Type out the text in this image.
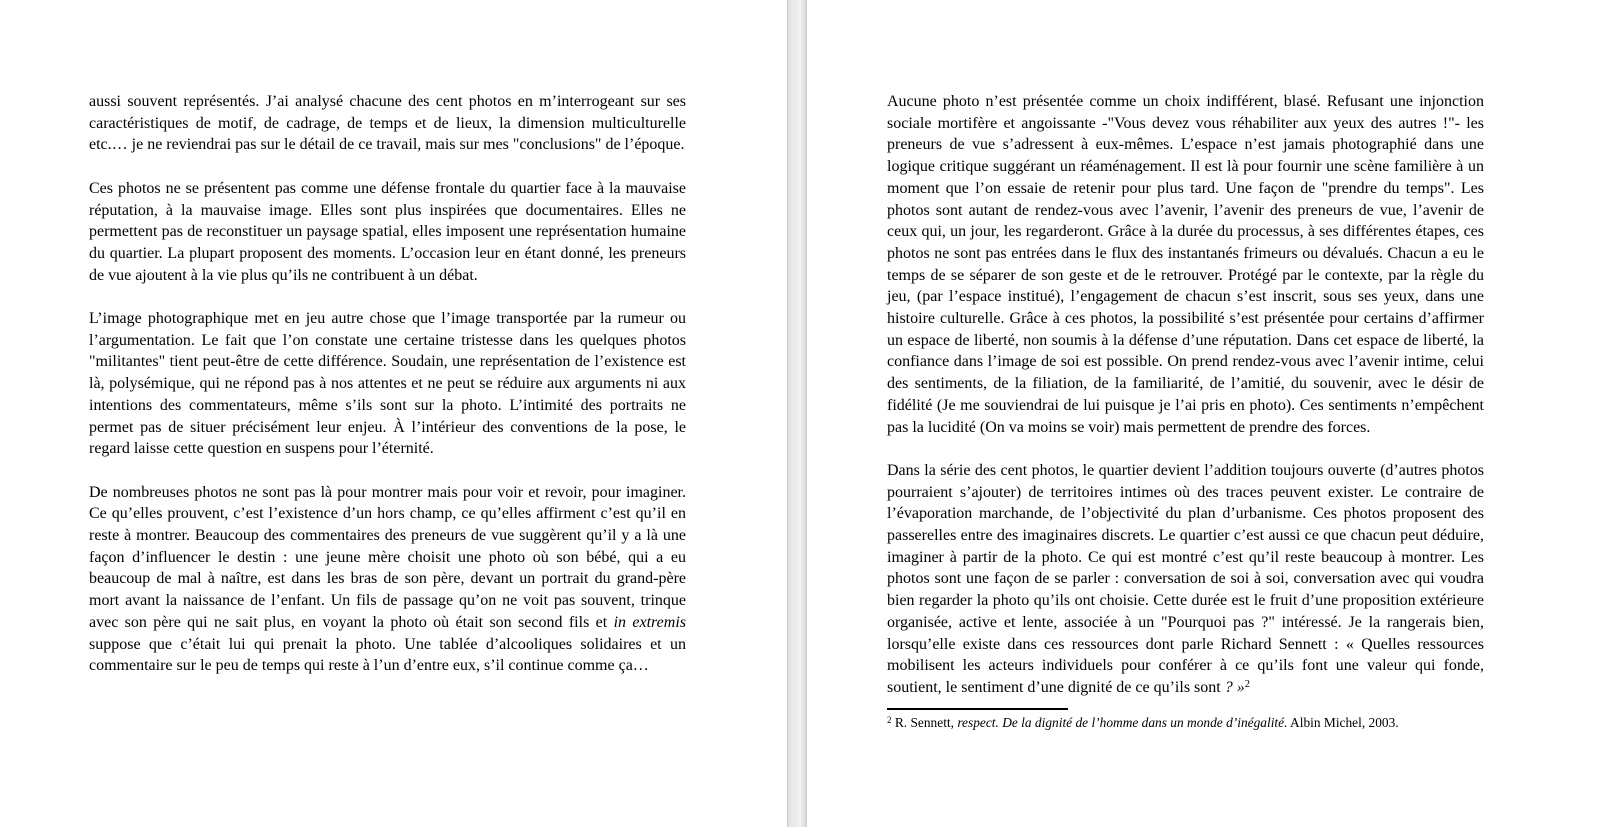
aussi souvent représentés. J’ai analysé chacune des cent photos en m’interrogeant sur ses caractéristiques de motif, de cadrage, de temps et de lieux, la dimension multiculturelle etc.… je ne reviendrai pas sur le détail de ce travail, mais sur mes "conclusions" de l’époque.

Ces photos ne se présentent pas comme une défense frontale du quartier face à la mauvaise réputation, à la mauvaise image. Elles sont plus inspirées que documentaires. Elles ne permettent pas de reconstituer un paysage spatial, elles imposent une représentation humaine du quartier. La plupart proposent des moments. L’occasion leur en étant donné, les preneurs de vue ajoutent à la vie plus qu’ils ne contribuent à un débat.

L’image photographique met en jeu autre chose que l’image transportée par la rumeur ou l’argumentation. Le fait que l’on constate une certaine tristesse dans les quelques photos "militantes" tient peut-être de cette différence. Soudain, une représentation de l’existence est là, polysémique, qui ne répond pas à nos attentes et ne peut se réduire aux arguments ni aux intentions des commentateurs, même s’ils sont sur la photo. L’intimité des portraits ne permet pas de situer précisément leur enjeu. À l’intérieur des conventions de la pose, le regard laisse cette question en suspens pour l’éternité.

De nombreuses photos ne sont pas là pour montrer mais pour voir et revoir, pour imaginer. Ce qu’elles prouvent, c’est l’existence d’un hors champ, ce qu’elles affirment c’est qu’il en reste à montrer. Beaucoup des commentaires des preneurs de vue suggèrent qu’il y a là une façon d’influencer le destin : une jeune mère choisit une photo où son bébé, qui a eu beaucoup de mal à naître, est dans les bras de son père, devant un portrait du grand-père mort avant la naissance de l’enfant. Un fils de passage qu’on ne voit pas souvent, trinque avec son père qui ne sait plus, en voyant la photo où était son second fils et in extremis suppose que c’était lui qui prenait la photo. Une tablée d’alcooliques solidaires et un commentaire sur le peu de temps qui reste à l’un d’entre eux, s’il continue comme ça…

Aucune photo n’est présentée comme un choix indifférent, blasé. Refusant une injonction sociale mortifère et angoissante -"Vous devez vous réhabiliter aux yeux des autres !"- les preneurs de vue s’adressent à eux-mêmes. L’espace n’est jamais photographié dans une logique critique suggérant un réaménagement. Il est là pour fournir une scène familière à un moment que l’on essaie de retenir pour plus tard. Une façon de "prendre du temps". Les photos sont autant de rendez-vous avec l’avenir, l’avenir des preneurs de vue, l’avenir de ceux qui, un jour, les regarderont. Grâce à la durée du processus, à ses différentes étapes, ces photos ne sont pas entrées dans le flux des instantanés frimeurs ou dévalués. Chacun a eu le temps de se séparer de son geste et de le retrouver. Protégé par le contexte, par la règle du jeu, (par l’espace institué), l’engagement de chacun s’est inscrit, sous ses yeux, dans une histoire culturelle. Grâce à ces photos, la possibilité s’est présentée pour certains d’affirmer un espace de liberté, non soumis à la défense d’une réputation. Dans cet espace de liberté, la confiance dans l’image de soi est possible. On prend rendez-vous avec l’avenir intime, celui des sentiments, de la filiation, de la familiarité, de l’amitié, du souvenir, avec le désir de fidélité (Je me souviendrai de lui puisque je l’ai pris en photo). Ces sentiments n’empêchent pas la lucidité (On va moins se voir) mais permettent de prendre des forces.

Dans la série des cent photos, le quartier devient l’addition toujours ouverte (d’autres photos pourraient s’ajouter) de territoires intimes où des traces peuvent exister. Le contraire de l’évaporation marchande, de l’objectivité du plan d’urbanisme. Ces photos proposent des passerelles entre des imaginaires discrets. Le quartier c’est aussi ce que chacun peut déduire, imaginer à partir de la photo. Ce qui est montré c’est qu’il reste beaucoup à montrer. Les photos sont une façon de se parler : conversation de soi à soi, conversation avec qui voudra bien regarder la photo qu’ils ont choisie. Cette durée est le fruit d’une proposition extérieure organisée, active et lente, associée à un "Pourquoi pas ?" intéressé. Je la rangerais bien, lorsqu’elle existe dans ces ressources dont parle Richard Sennett : « Quelles ressources mobilisent les acteurs individuels pour conférer à ce qu’ils font une valeur qui fonde, soutient, le sentiment d’une dignité de ce qu’ils sont ? »$^2$

$^2$ R. Sennett, respect. De la dignité de l’homme dans un monde d’inégalité. Albin Michel, 2003.
